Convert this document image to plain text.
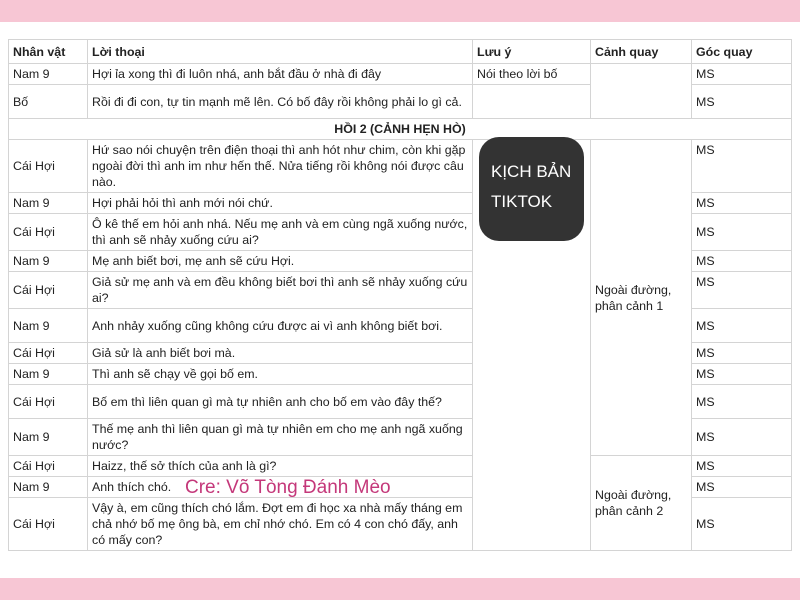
Nhân vật	Lời thoại	Lưu ý	Cảnh quay	Góc quay
Nam 9	Hợi ỉa xong thì đi luôn nhá, anh bắt đầu ở nhà đi đây	Nói theo lời bố		MS
Bố	Rồi đi đi con, tự tin mạnh mẽ lên. Có bố đây rồi không phải lo gì cả.			MS
HỒI 2 (CẢNH HẸN HÒ)				
Cái Hợi	Hứ sao nói chuyện trên điện thoại thì anh hót như chim, còn khi gặp ngoài đời thì anh im như hến thế. Nửa tiếng rồi không nói được câu nào.		Ngoài đường, phân cảnh 1	MS
Nam 9	Hợi phải hỏi thì anh mới nói chứ.			MS
Cái Hợi	Ô kê thế em hỏi anh nhá. Nếu mẹ anh và em cùng ngã xuống nước, thì anh sẽ nhảy xuống cứu ai?			MS
Nam 9	Mẹ anh biết bơi, mẹ anh sẽ cứu Hợi.			MS
Cái Hợi	Giả sử mẹ anh và em đều không biết bơi thì anh sẽ nhảy xuống cứu ai?			MS
Nam 9	Anh nhảy xuống cũng không cứu được ai vì anh không biết bơi.			MS
Cái Hợi	Giả sử là anh biết bơi mà.			MS
Nam 9	Thì anh sẽ chạy về gọi bố em.			MS
Cái Hợi	Bố em thì liên quan gì mà tự nhiên anh cho bố em vào đây thế?			MS
Nam 9	Thế mẹ anh thì liên quan gì mà tự nhiên em cho mẹ anh ngã xuống nước?			MS
Cái Hợi	Haizz, thế sở thích của anh là gì?		Ngoài đường, phân cảnh 2	MS
Nam 9	Anh thích chó.			MS
Cái Hợi	Vậy à, em cũng thích chó lắm. Đợt em đi học xa nhà mấy tháng em chả nhớ bố mẹ ông bà, em chỉ nhớ chó. Em có 4 con chó đấy, anh có mấy con?			MS
KỊCH BẢN
TIKTOK
Cre: Võ Tòng Đánh Mèo
